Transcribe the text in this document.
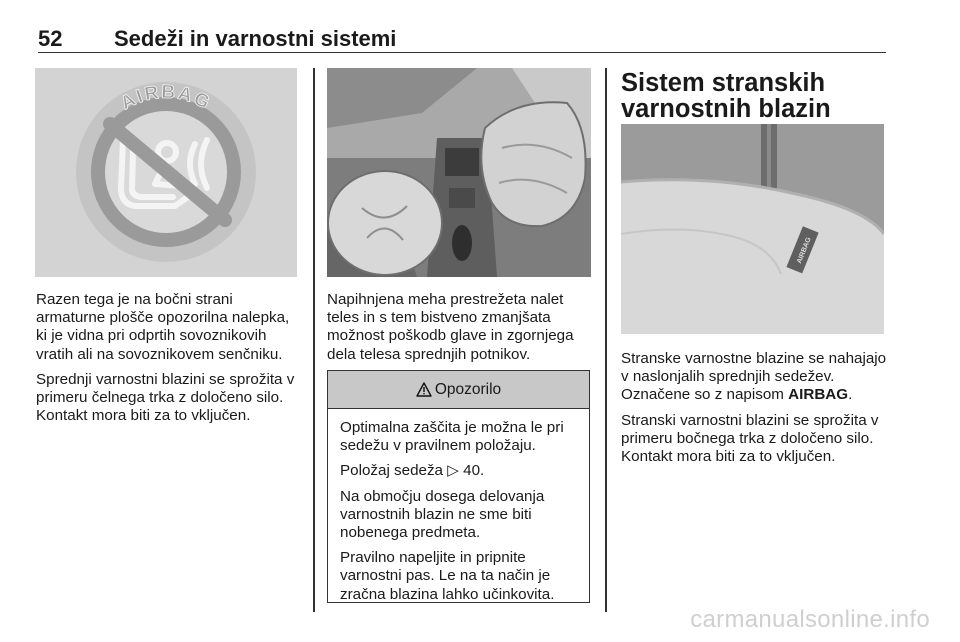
52 Sedeži in varnostni sistemi
AIRBAG

Razen tega je na bočni strani armaturne plošče opozorilna nalepka, ki je vidna pri odprtih sovoznikovih vratih ali na sovoznikovem senčniku.

Sprednji varnostni blazini se sprožita v primeru čelnega trka z določeno silo. Kontakt mora biti za to vključen.

Napihnjena meha prestrežeta nalet teles in s tem bistveno zmanjšata možnost poškodb glave in zgornjega dela telesa sprednjih potnikov.

Opozorilo

Optimalna zaščita je možna le pri sedežu v pravilnem položaju.

Položaj sedeža ▷ 40.

Na območju dosega delovanja varnostnih blazin ne sme biti nobenega predmeta.

Pravilno napeljite in pripnite varnostni pas. Le na ta način je zračna blazina lahko učinkovita.

Sistem stranskih varnostnih blazin
AIRBAG

Stranske varnostne blazine se nahajajo v naslonjalih sprednjih sedežev. Označene so z napisom AIRBAG.

Stranski varnostni blazini se sprožita v primeru bočnega trka z določeno silo. Kontakt mora biti za to vključen.

carmanualsonline.info
